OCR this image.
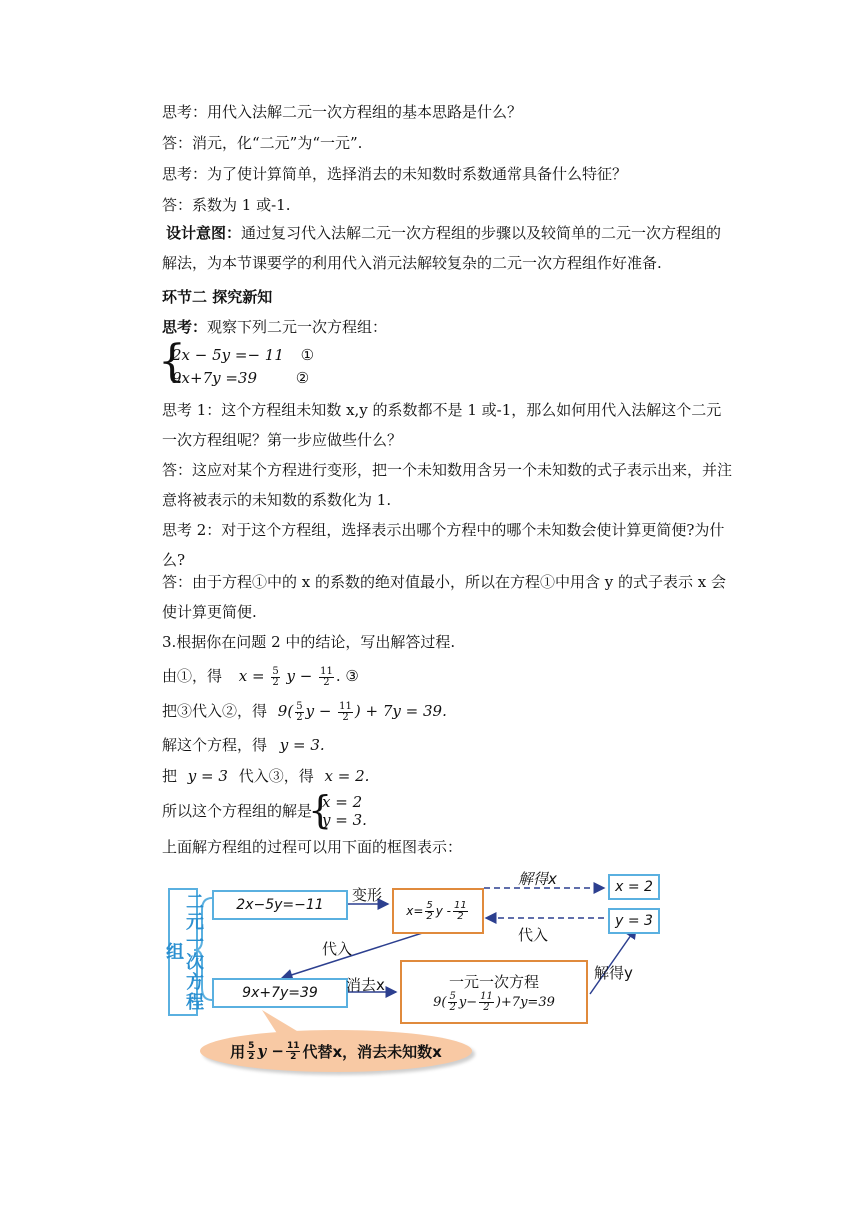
思考：用代入法解二元一次方程组的基本思路是什么？
答：消元，化“二元”为“一元”.
思考：为了使计算简单，选择消去的未知数时系数通常具备什么特征？
答：系数为 1 或-1.
设计意图：通过复习代入法解二元一次方程组的步骤以及较简单的二元一次方程组的解法，为本节课要学的利用代入消元法解较复杂的二元一次方程组作好准备.
环节二 探究新知
思考：观察下列二元一次方程组：
{
2x − 5y =− 11 ①
9x+7y =39	②
思考 1：这个方程组未知数 x,y 的系数都不是 1 或-1，那么如何用代入法解这个二元一次方程组呢？第一步应做些什么？
答：这应对某个方程进行变形，把一个未知数用含另一个未知数的式子表示出来，并注意将被表示的未知数的系数化为 1.
思考 2：对于这个方程组，选择表示出哪个方程中的哪个未知数会使计算更简便?为什么?
答：由于方程①中的 x 的系数的绝对值最小，所以在方程①中用含 y 的式子表示 x 会使计算更简便.
3.根据你在问题 2 中的结论，写出解答过程.
由①，得 $x = \frac{5}{2}$ $y - \frac{11}{2}$ . ③
把③代入②，得 $9( \frac{5}{2}$ $y - \frac{11}{2}$ ) + 7y = 39.
解这个方程，得 y = 3.
把 y = 3 代入③，得 x = 2.
所以这个方程组的解是
{
x = 2
y = 3.
上面解方程组的过程可以用下面的框图表示：
二元一次方程组
2x−5y=−11
变形
$x= \frac{5}{2}$ y - $\frac{11}{2}$
解得x
代入
x = 2
y = 3
代入
9x+7y=39	消去x	一元一次方程
$9( \frac{5}{2} y- \frac{11}{2} )+7y=39$
解得y
用 $\frac{5}{2}$ $y - \frac{11}{2}$ 代替x，消去未知数x
